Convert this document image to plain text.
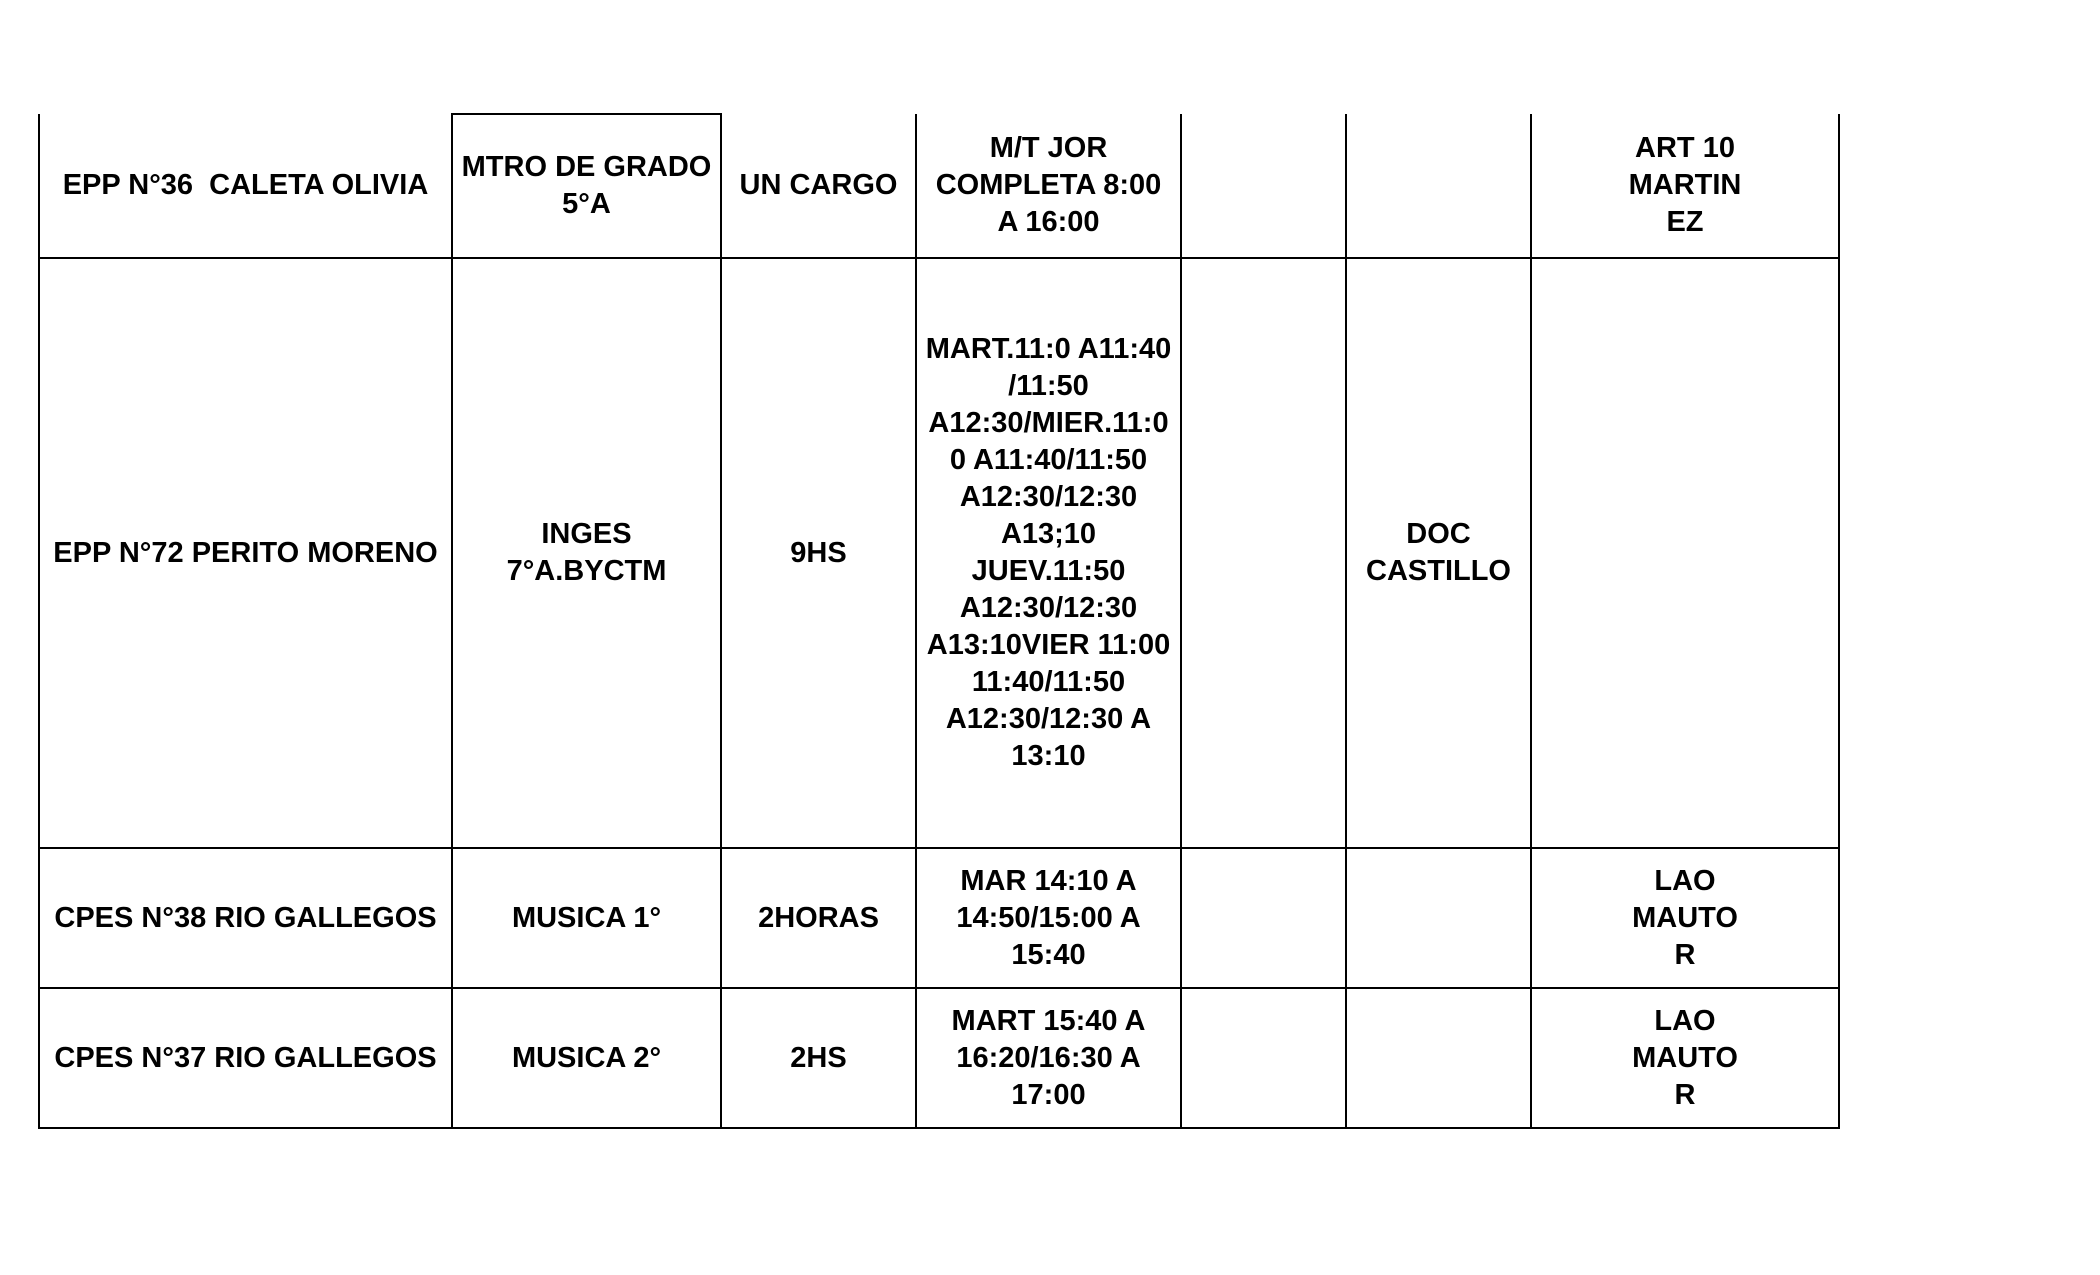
EPP N°36  CALETA OLIVIA	MTRO DE GRADO 5°A	UN CARGO	M/T JOR COMPLETA 8:00 A 16:00			ART 10 MARTINEZ
EPP N°72 PERITO MORENO	INGES 7°A.BYCTM	9HS	MART.11:0 A11:40 /11:50 A12:30/MIER.11:0 0 A11:40/11:50 A12:30/12:30 A13;10 JUEV.11:50 A12:30/12:30 A13:10VIER 11:00 11:40/11:50 A12:30/12:30 A 13:10		DOC CASTILLO	
CPES N°38 RIO GALLEGOS	MUSICA 1°	2HORAS	MAR 14:10 A 14:50/15:00 A 15:40			LAO MAUTOR
CPES N°37 RIO GALLEGOS	MUSICA 2°	2HS	MART 15:40 A 16:20/16:30 A 17:00			LAO MAUTOR
